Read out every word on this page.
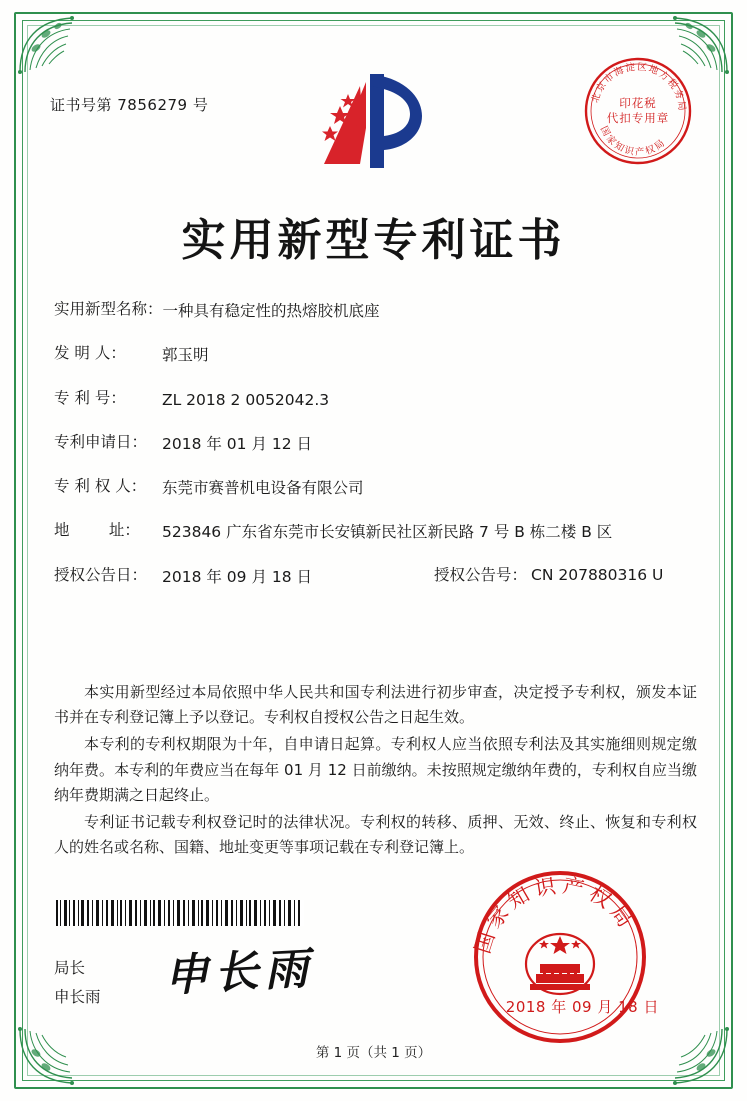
证书号第 7856279 号	北京市海淀区地方税务局
国家知识产权局
印花税
代扣专用章
实用新型专利证书
实用新型名称： 一种具有稳定性的热熔胶机底座
发 明 人：	郭玉明
专 利 号：	ZL 2018 2 0052042.3
专利申请日： 2018 年 01 月 12 日
专 利 权 人：	东莞市赛普机电设备有限公司
地        址：	523846 广东省东莞市长安镇新民社区新民路 7 号 B 栋二楼 B 区
授权公告日： 2018 年 09 月 18 日	授权公告号： CN 207880316 U

本实用新型经过本局依照中华人民共和国专利法进行初步审查，决定授予专利权，颁发本证书并在专利登记簿上予以登记。专利权自授权公告之日起生效。

本专利的专利权期限为十年，自申请日起算。专利权人应当依照专利法及其实施细则规定缴纳年费。本专利的年费应当在每年 01 月 12 日前缴纳。未按照规定缴纳年费的，专利权自应当缴纳年费期满之日起终止。

专利证书记载专利权登记时的法律状况。专利权的转移、质押、无效、终止、恢复和专利权人的姓名或名称、国籍、地址变更等事项记载在专利登记簿上。

局长
申长雨 申长雨
国家知识产权局
2018 年 09 月 18 日
第 1 页（共 1 页）
